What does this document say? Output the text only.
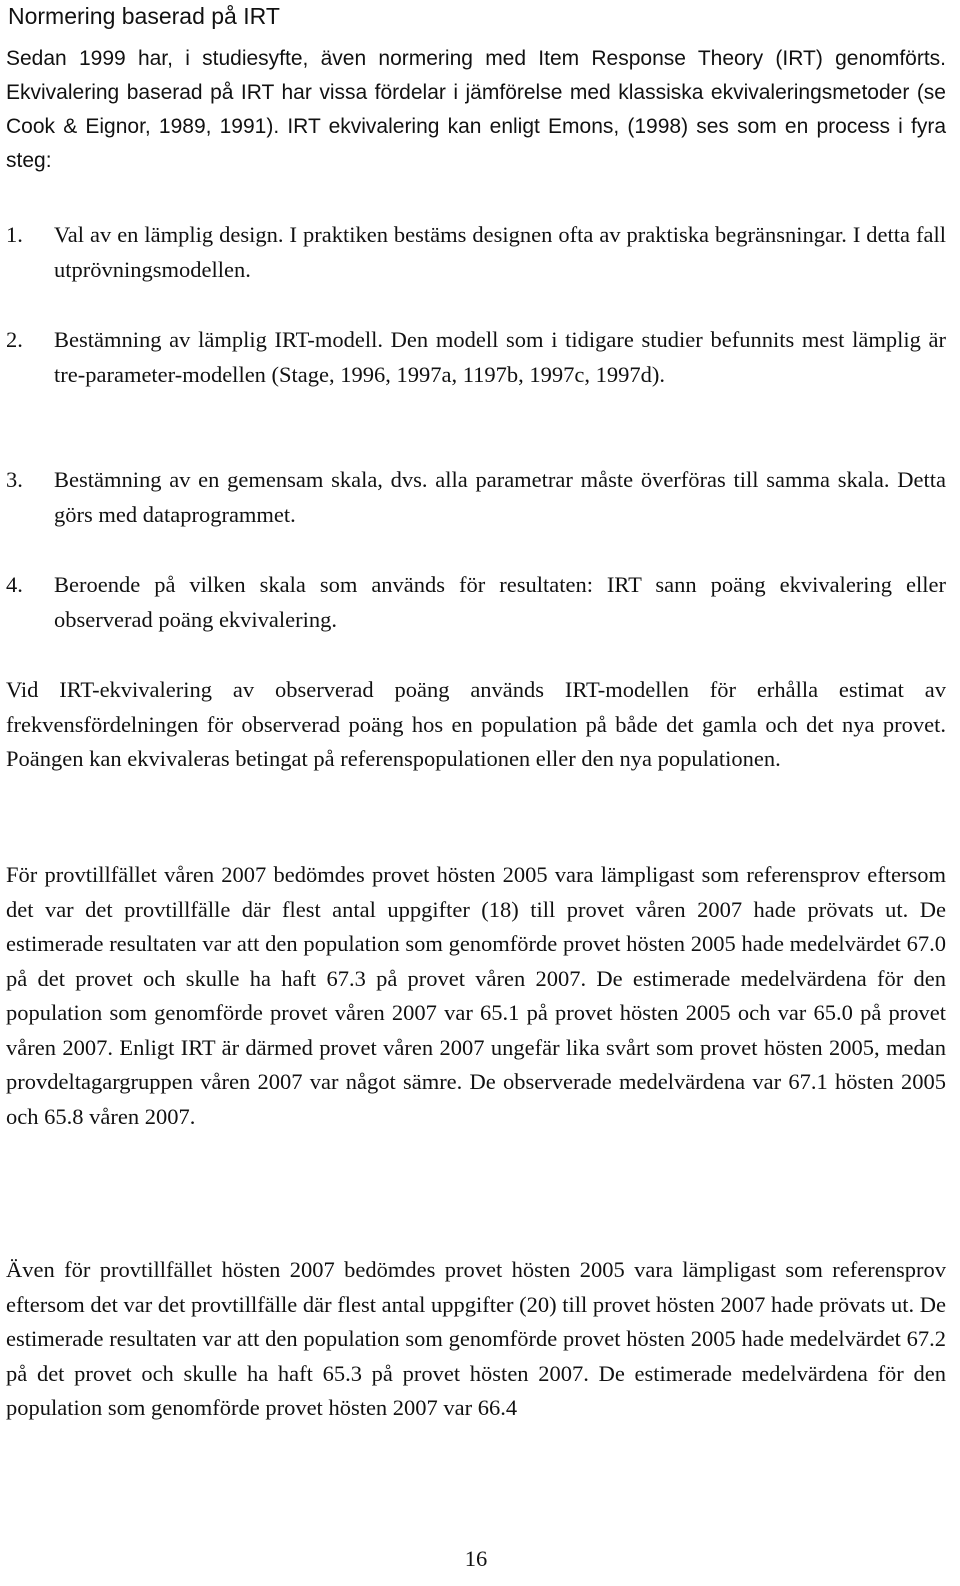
Normering baserad på IRT

Sedan 1999 har, i studiesyfte, även normering med Item Response Theory (IRT) genomförts. Ekvivalering baserad på IRT har vissa fördelar i jämförelse med klassiska ekvivaleringsmetoder (se Cook & Eignor, 1989, 1991). IRT ekvivalering kan enligt Emons, (1998) ses som en process i fyra steg:

1.	Val av en lämplig design. I praktiken bestäms designen ofta av praktiska begränsningar. I detta fall utprövningsmodellen.
2.	Bestämning av lämplig IRT-modell. Den modell som i tidigare studier befunnits mest lämplig är tre-parameter-modellen (Stage, 1996, 1997a, 1197b, 1997c, 1997d).
3.	Bestämning av en gemensam skala, dvs. alla parametrar måste överföras till samma skala. Detta görs med dataprogrammet.
4.	Beroende på vilken skala som används för resultaten: IRT sann poäng ekvivalering eller observerad poäng ekvivalering.

Vid IRT-ekvivalering av observerad poäng används IRT-modellen för erhålla estimat av frekvensfördelningen för observerad poäng hos en population på både det gamla och det nya provet. Poängen kan ekvivaleras betingat på referenspopulationen eller den nya populationen.

För provtillfället våren 2007 bedömdes provet hösten 2005 vara lämpligast som referensprov eftersom det var det provtillfälle där flest antal uppgifter (18) till provet våren 2007 hade prövats ut. De estimerade resultaten var att den population som genomförde provet hösten 2005 hade medelvärdet 67.0 på det provet och skulle ha haft 67.3 på provet våren 2007. De estimerade medelvärdena för den population som genomförde provet våren 2007 var 65.1 på provet hösten 2005 och var 65.0 på provet våren 2007. Enligt IRT är därmed provet våren 2007 ungefär lika svårt som provet hösten 2005, medan provdeltagargruppen våren 2007 var något sämre. De observerade medelvärdena var 67.1 hösten 2005 och 65.8 våren 2007.

Även för provtillfället hösten 2007 bedömdes provet hösten 2005 vara lämpligast som referensprov eftersom det var det provtillfälle där flest antal uppgifter (20) till provet hösten 2007 hade prövats ut. De estimerade resultaten var att den population som genomförde provet hösten 2005 hade medelvärdet 67.2 på det provet och skulle ha haft 65.3 på provet hösten 2007. De estimerade medelvärdena för den population som genomförde provet hösten 2007 var 66.4

16
